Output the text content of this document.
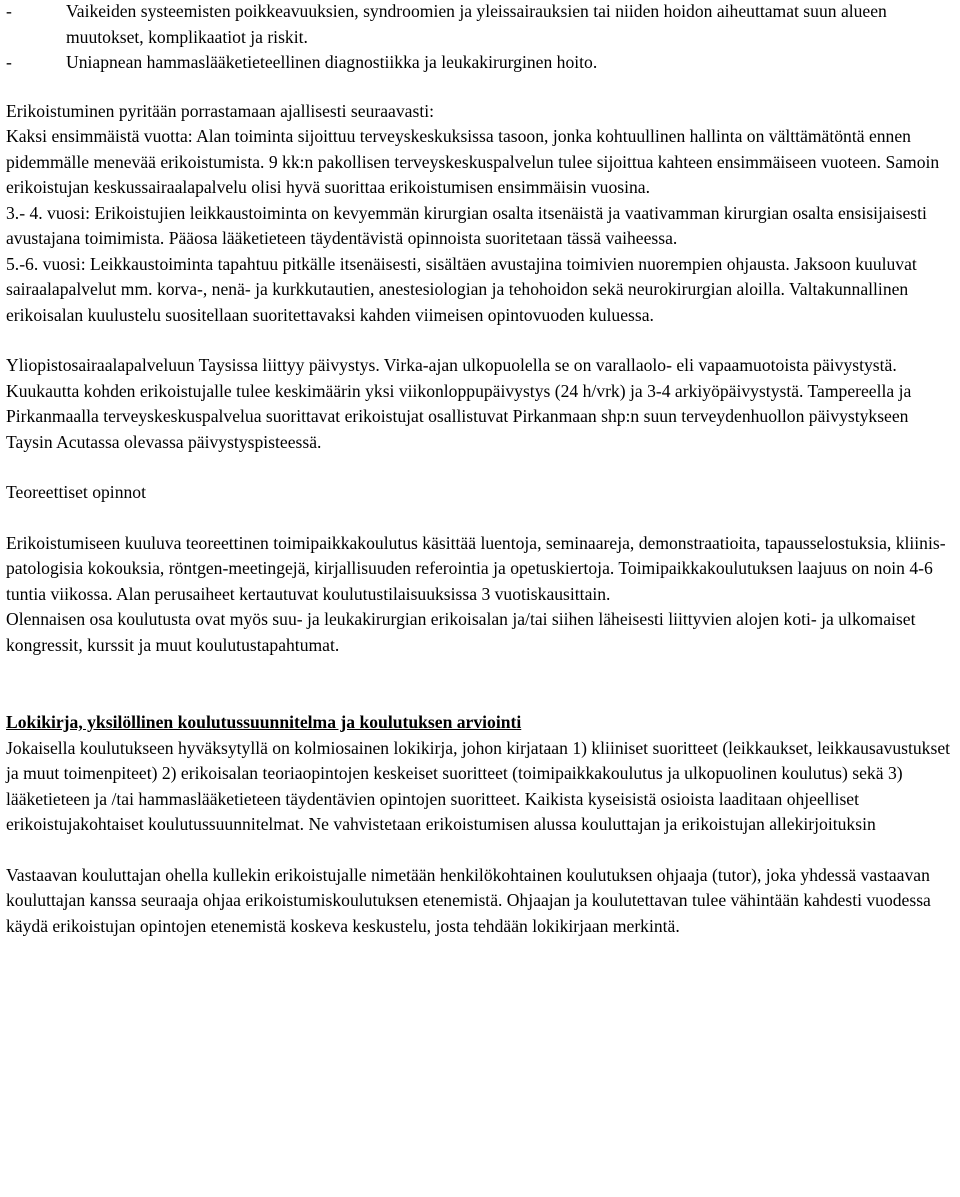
-	Vaikeiden systeemisten poikkeavuuksien, syndroomien ja yleissairauksien tai niiden hoidon aiheuttamat suun alueen muutokset, komplikaatiot ja riskit.
-	Uniapnean hammaslääketieteellinen diagnostiikka ja leukakirurginen hoito.

Erikoistuminen pyritään porrastamaan ajallisesti seuraavasti:

Kaksi ensimmäistä vuotta: Alan toiminta sijoittuu terveyskeskuksissa tasoon, jonka kohtuullinen hallinta on välttämätöntä ennen pidemmälle menevää erikoistumista. 9 kk:n pakollisen terveyskeskuspalvelun tulee sijoittua kahteen ensimmäiseen vuoteen. Samoin erikoistujan keskussairaalapalvelu olisi hyvä suorittaa erikoistumisen ensimmäisin vuosina.

3.- 4. vuosi: Erikoistujien leikkaustoiminta on kevyemmän kirurgian osalta itsenäistä ja vaativamman kirurgian osalta ensisijaisesti avustajana toimimista. Pääosa lääketieteen täydentävistä opinnoista suoritetaan tässä vaiheessa.

5.-6. vuosi: Leikkaustoiminta tapahtuu pitkälle itsenäisesti, sisältäen avustajina toimivien nuorempien ohjausta. Jaksoon kuuluvat sairaalapalvelut mm. korva-, nenä- ja kurkkutautien, anestesiologian ja tehohoidon sekä neurokirurgian aloilla. Valtakunnallinen erikoisalan kuulustelu suositellaan suoritettavaksi kahden viimeisen opintovuoden kuluessa.

Yliopistosairaalapalveluun Taysissa liittyy päivystys. Virka-ajan ulkopuolella se on varallaolo- eli vapaamuotoista päivystystä. Kuukautta kohden erikoistujalle tulee keskimäärin yksi viikonloppupäivystys (24 h/vrk) ja 3-4 arkiyöpäivystystä. Tampereella ja Pirkanmaalla terveyskeskuspalvelua suorittavat erikoistujat osallistuvat Pirkanmaan shp:n suun terveydenhuollon päivystykseen Taysin Acutassa olevassa päivystyspisteessä.

Teoreettiset opinnot

Erikoistumiseen kuuluva teoreettinen toimipaikkakoulutus käsittää luentoja, seminaareja, demonstraatioita, tapausselostuksia, kliinis-patologisia kokouksia, röntgen-meetingejä, kirjallisuuden referointia ja opetuskiertoja. Toimipaikkakoulutuksen laajuus on noin 4-6 tuntia viikossa. Alan perusaiheet kertautuvat koulutustilaisuuksissa 3 vuotiskausittain.

Olennaisen osa koulutusta ovat myös suu- ja leukakirurgian erikoisalan ja/tai siihen läheisesti liittyvien alojen koti- ja ulkomaiset kongressit, kurssit ja muut koulutustapahtumat.

Lokikirja, yksilöllinen koulutussuunnitelma ja koulutuksen arviointi

Jokaisella koulutukseen hyväksytyllä on kolmiosainen lokikirja, johon kirjataan 1) kliiniset suoritteet (leikkaukset, leikkausavustukset ja muut toimenpiteet) 2) erikoisalan teoriaopintojen keskeiset suoritteet (toimipaikkakoulutus ja ulkopuolinen koulutus) sekä 3) lääketieteen ja /tai hammaslääketieteen täydentävien opintojen suoritteet. Kaikista kyseisistä osioista laaditaan ohjeelliset erikoistujakohtaiset koulutussuunnitelmat. Ne vahvistetaan erikoistumisen alussa kouluttajan ja erikoistujan allekirjoituksin

Vastaavan kouluttajan ohella kullekin erikoistujalle nimetään henkilökohtainen koulutuksen ohjaaja (tutor), joka yhdessä vastaavan kouluttajan kanssa seuraaja ohjaa erikoistumiskoulutuksen etenemistä. Ohjaajan ja koulutettavan tulee vähintään kahdesti vuodessa käydä erikoistujan opintojen etenemistä koskeva keskustelu, josta tehdään lokikirjaan merkintä.
